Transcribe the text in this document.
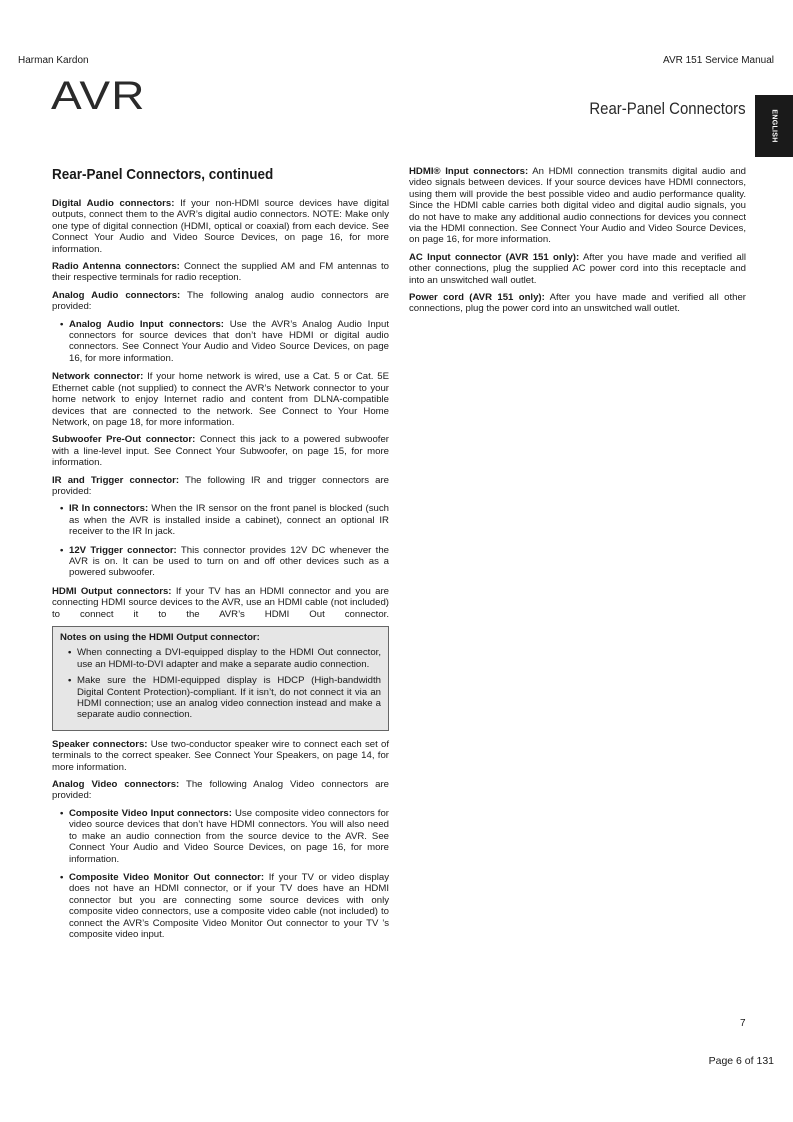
Harman Kardon	AVR 151 Service Manual
AVR	Rear-Panel Connectors
ENGLISH
Rear-Panel Connectors, continued

Digital Audio connectors: If your non-HDMI source devices have digital outputs, connect them to the AVR’s digital audio connectors. NOTE: Make only one type of digital connection (HDMI, optical or coaxial) from each device. See Connect Your Audio and Video Source Devices, on page 16, for more information.

Radio Antenna connectors: Connect the supplied AM and FM antennas to their respective terminals for radio reception.

Analog Audio connectors: The following analog audio connectors are provided:

• Analog Audio Input connectors: Use the AVR’s Analog Audio Input connectors for source devices that don’t have HDMI or digital audio connectors. See Connect Your Audio and Video Source Devices, on page 16, for more information.

Network connector: If your home network is wired, use a Cat. 5 or Cat. 5E Ethernet cable (not supplied) to connect the AVR’s Network connector to your home network to enjoy Internet radio and content from DLNA-compatible devices that are connected to the network. See Connect to Your Home Network, on page 18, for more information.

Subwoofer Pre-Out connector: Connect this jack to a powered subwoofer with a line-level input. See Connect Your Subwoofer, on page 15, for more information.

IR and Trigger connector: The following IR and trigger connectors are provided:

• IR In connectors: When the IR sensor on the front panel is blocked (such as when the AVR is installed inside a cabinet), connect an optional IR receiver to the IR In jack.
• 12V Trigger connector: This connector provides 12V DC whenever the AVR is on. It can be used to turn on and off other devices such as a powered subwoofer.

HDMI Output connectors: If your TV has an HDMI connector and you are connecting HDMI source devices to the AVR, use an HDMI cable (not included) to connect it to the AVR’s HDMI Out connector.

Notes on using the HDMI Output connector:
• When connecting a DVI-equipped display to the HDMI Out connector, use an HDMI-to-DVI adapter and make a separate audio connection.
• Make sure the HDMI-equipped display is HDCP (High-bandwidth Digital Content Protection)-compliant. If it isn’t, do not connect it via an HDMI connection; use an analog video connection instead and make a separate audio connection.

Speaker connectors: Use two-conductor speaker wire to connect each set of terminals to the correct speaker. See Connect Your Speakers, on page 14, for more information.

Analog Video connectors: The following Analog Video connectors are provided:

• Composite Video Input connectors: Use composite video connectors for video source devices that don’t have HDMI connectors. You will also need to make an audio connection from the source device to the AVR. See Connect Your Audio and Video Source Devices, on page 16, for more information.
• Composite Video Monitor Out connector: If your TV or video display does not have an HDMI connector, or if your TV does have an HDMI connector but you are connecting some source devices with only composite video connectors, use a composite video cable (not included) to connect the AVR’s Composite Video Monitor Out connector to your TV ’s composite video input.

HDMI® Input connectors: An HDMI connection transmits digital audio and video signals between devices. If your source devices have HDMI connectors, using them will provide the best possible video and audio performance quality. Since the HDMI cable carries both digital video and digital audio signals, you do not have to make any additional audio connections for devices you connect via the HDMI connection. See Connect Your Audio and Video Source Devices, on page 16, for more information.

AC Input connector (AVR 151 only): After you have made and verified all other connections, plug the supplied AC power cord into this receptacle and into an unswitched wall outlet.

Power cord (AVR 151 only): After you have made and verified all other connections, plug the power cord into an unswitched wall outlet.

7
Page 6 of 131
